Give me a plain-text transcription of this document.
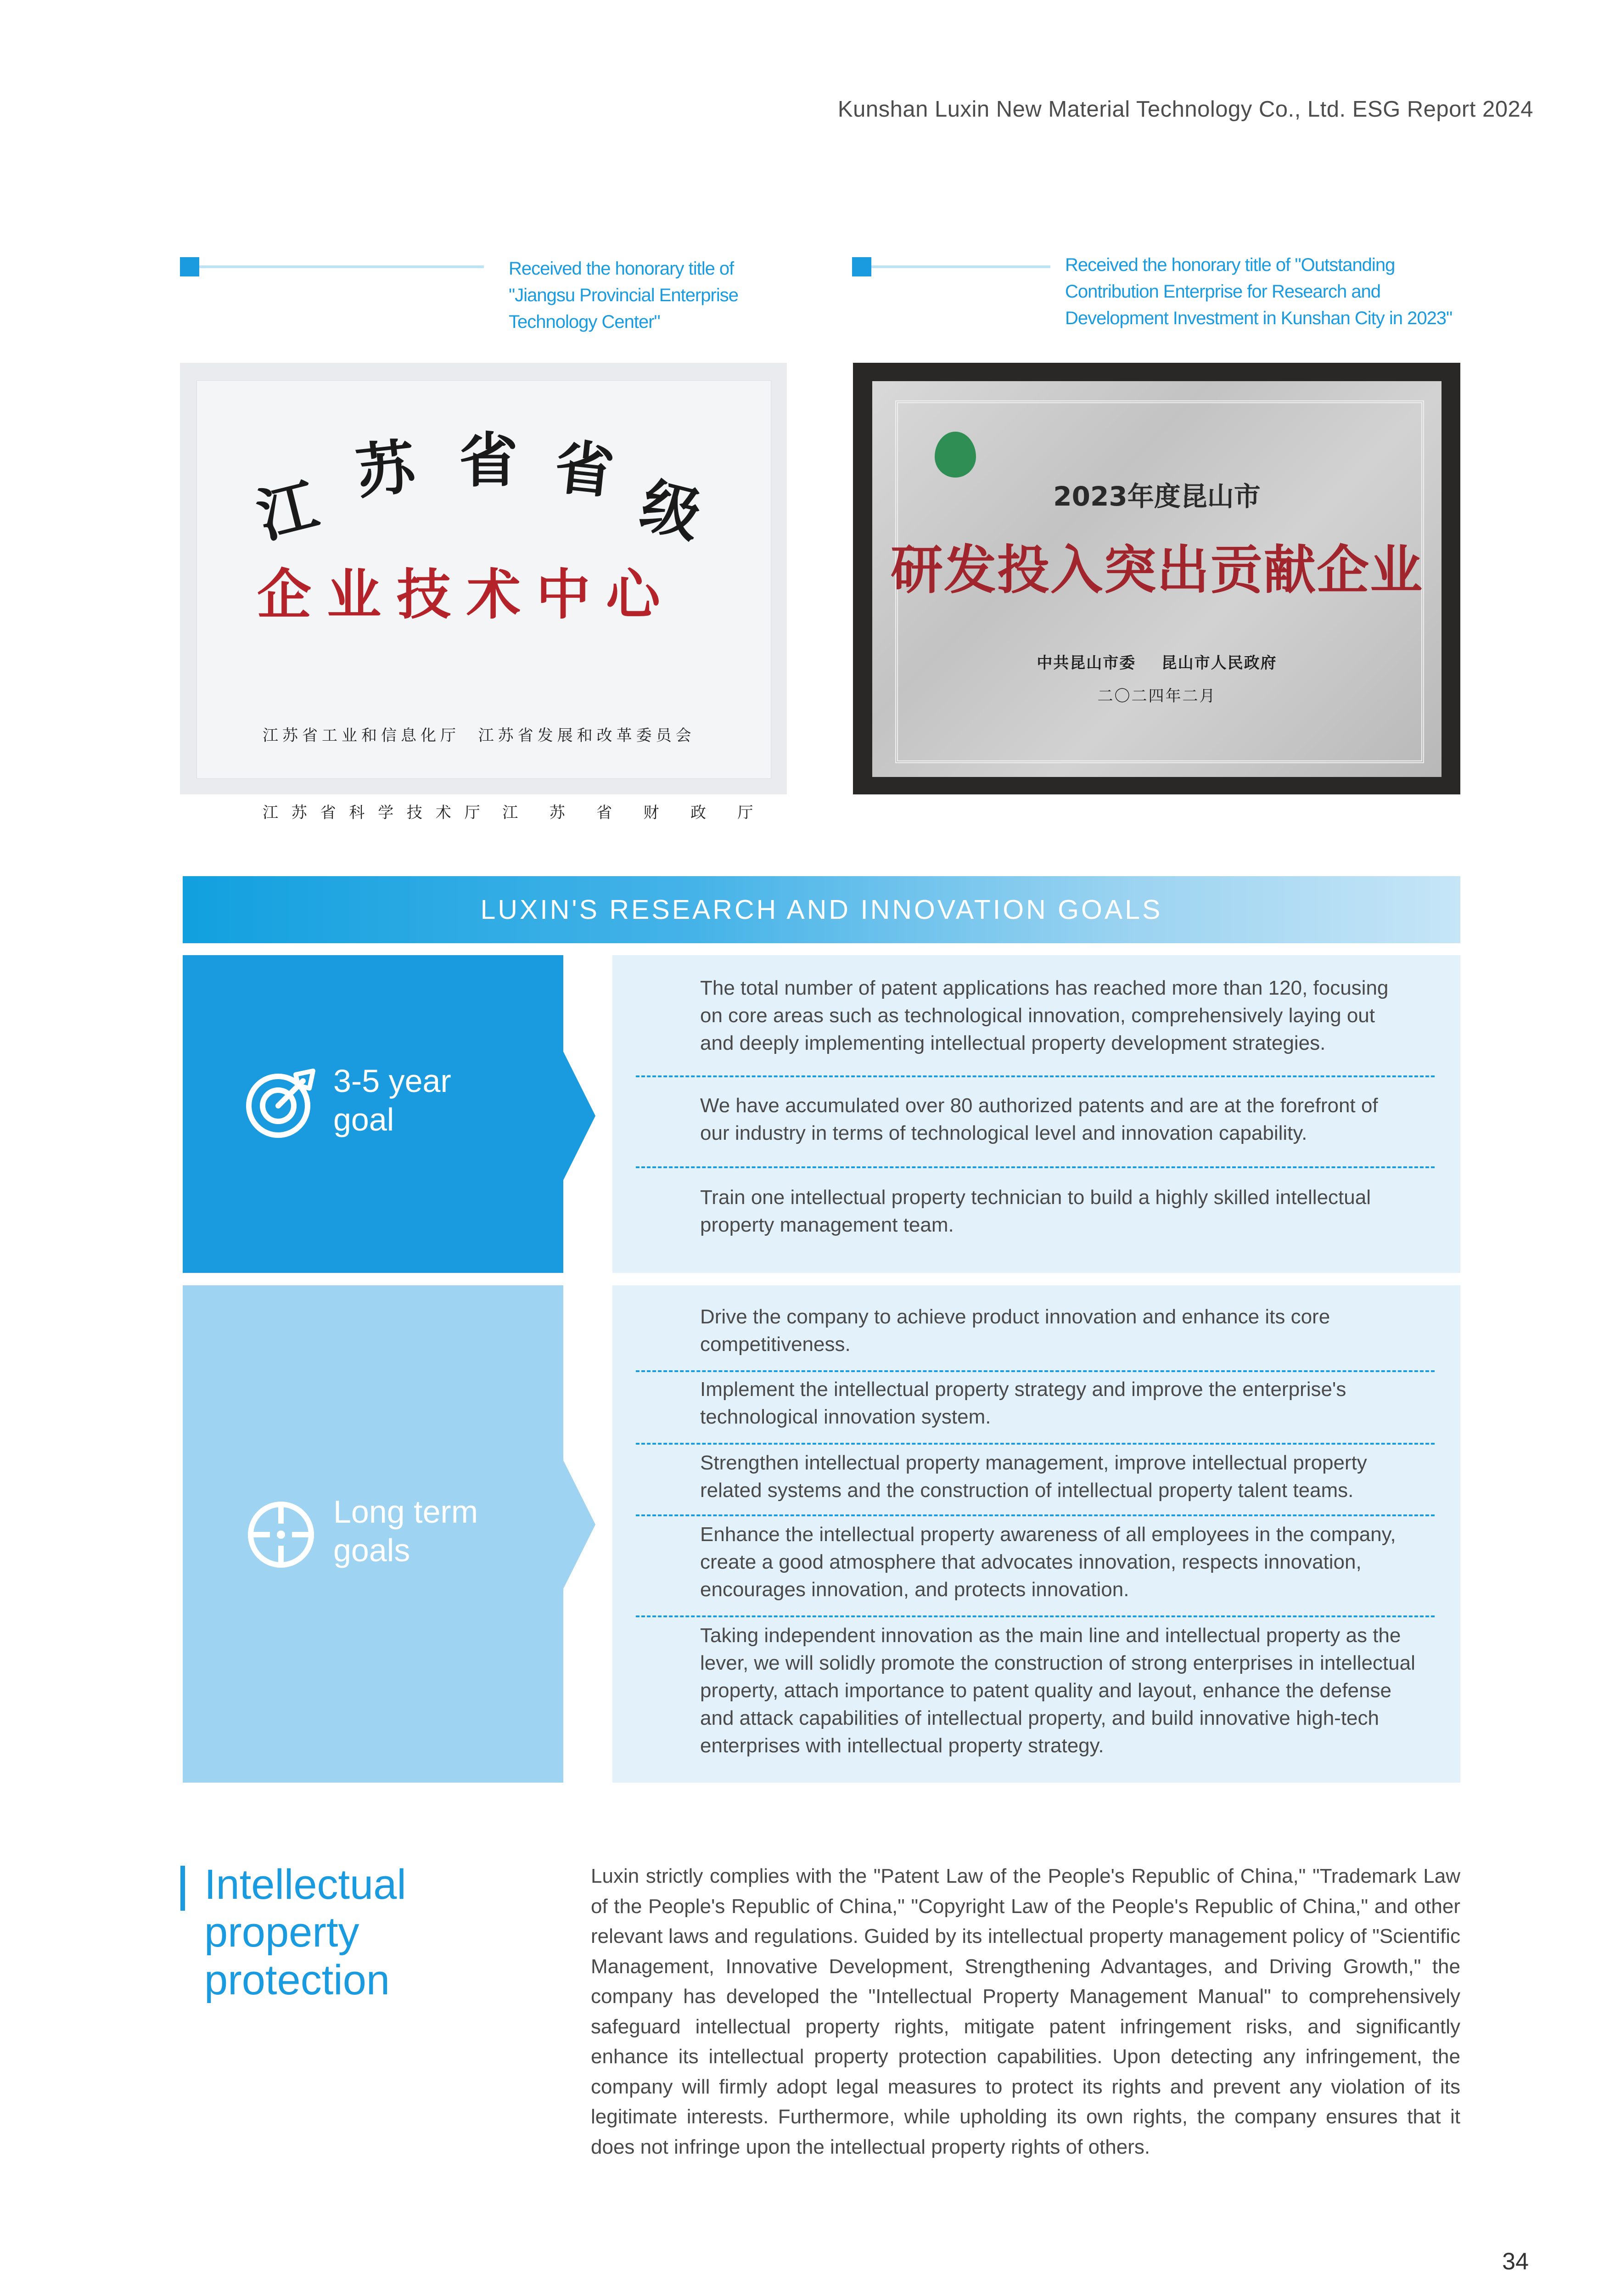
Kunshan Luxin New Material Technology Co., Ltd. ESG Report 2024
Received the honorary title of
"Jiangsu Provincial Enterprise
Technology Center"
Received the honorary title of "Outstanding
Contribution Enterprise for Research and
Development Investment in Kunshan City in 2023"
江
苏 省 省
级
企业技术中心

江苏省工业和信息化厅  江苏省发展和改革委员会

江 苏 省 科 学 技 术 厅  江   苏   省   财   政   厅

2023年度昆山市
研发投入突出贡献企业
中共昆山市委    昆山市人民政府
二〇二四年二月
LUXIN'S RESEARCH AND INNOVATION GOALS
3-5 year
goal
The total number of patent applications has reached more than 120, focusing on core areas such as technological innovation, comprehensively laying out and deeply implementing intellectual property development strategies.
We have accumulated over 80 authorized patents and are at the forefront of our industry in terms of technological level and innovation capability.
Train one intellectual property technician to build a highly skilled intellectual property management team.
Long term
goals
Drive the company to achieve product innovation and enhance its core competitiveness.
Implement the intellectual property strategy and improve the enterprise's technological innovation system.
Strengthen intellectual property management, improve intellectual property related systems and the construction of intellectual property talent teams.
Enhance the intellectual property awareness of all employees in the company, create a good atmosphere that advocates innovation, respects innovation, encourages innovation, and protects innovation.
Taking independent innovation as the main line and intellectual property as the lever, we will solidly promote the construction of strong enterprises in intellectual property, attach importance to patent quality and layout, enhance the defense and attack capabilities of intellectual property, and build innovative high-tech enterprises with intellectual property strategy.
Intellectual
property
protection
Luxin strictly complies with the "Patent Law of the People's Republic of China," "Trademark Law of the People's Republic of China," "Copyright Law of the People's Republic of China," and other relevant laws and regulations. Guided by its intellectual property management policy of "Scientific Management, Innovative Development, Strengthening Advantages, and Driving Growth," the company has developed the "Intellectual Property Management Manual" to comprehensively safeguard intellectual property rights, mitigate patent infringement risks, and significantly enhance its intellectual property protection capabilities. Upon detecting any infringement, the company will firmly adopt legal measures to protect its rights and prevent any violation of its legitimate interests. Furthermore, while upholding its own rights, the company ensures that it does not infringe upon the intellectual property rights of others.
34
